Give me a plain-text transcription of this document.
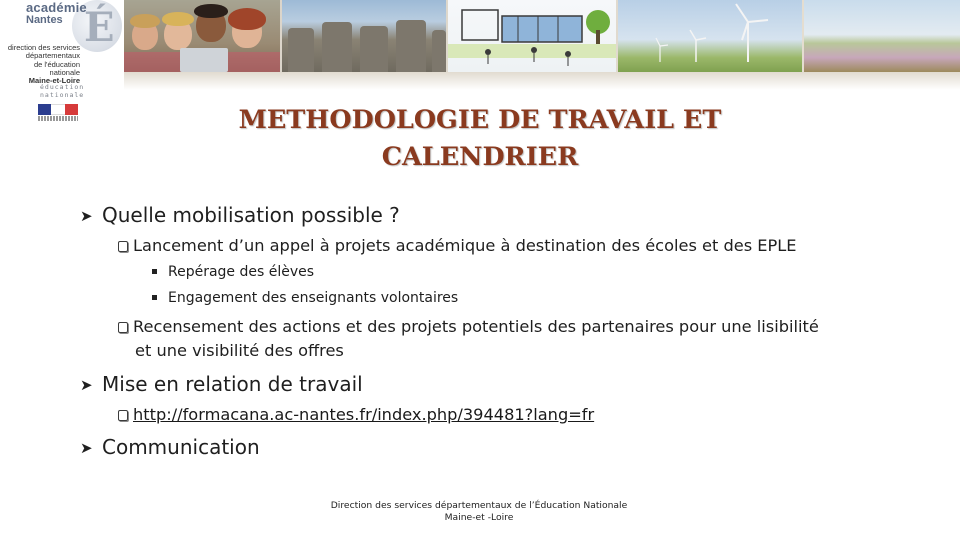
É
académie
Nantes
direction des services
départementaux
de l'éducation nationale
Maine-et-Loire
éducation
nationale
METHODOLOGIE DE TRAVAIL ET
CALENDRIER
➤ Quelle mobilisation possible ?
Lancement d’un appel à projets académique à destination des écoles et des EPLE
Repérage des élèves
Engagement des enseignants volontaires
Recensement des actions et des projets potentiels des partenaires pour une lisibilité
et une visibilité des offres
➤ Mise en relation de travail
http://formacana.ac-nantes.fr/index.php/394481?lang=fr
➤ Communication
Direction des services départementaux de l’Éducation Nationale
Maine-et -Loire
